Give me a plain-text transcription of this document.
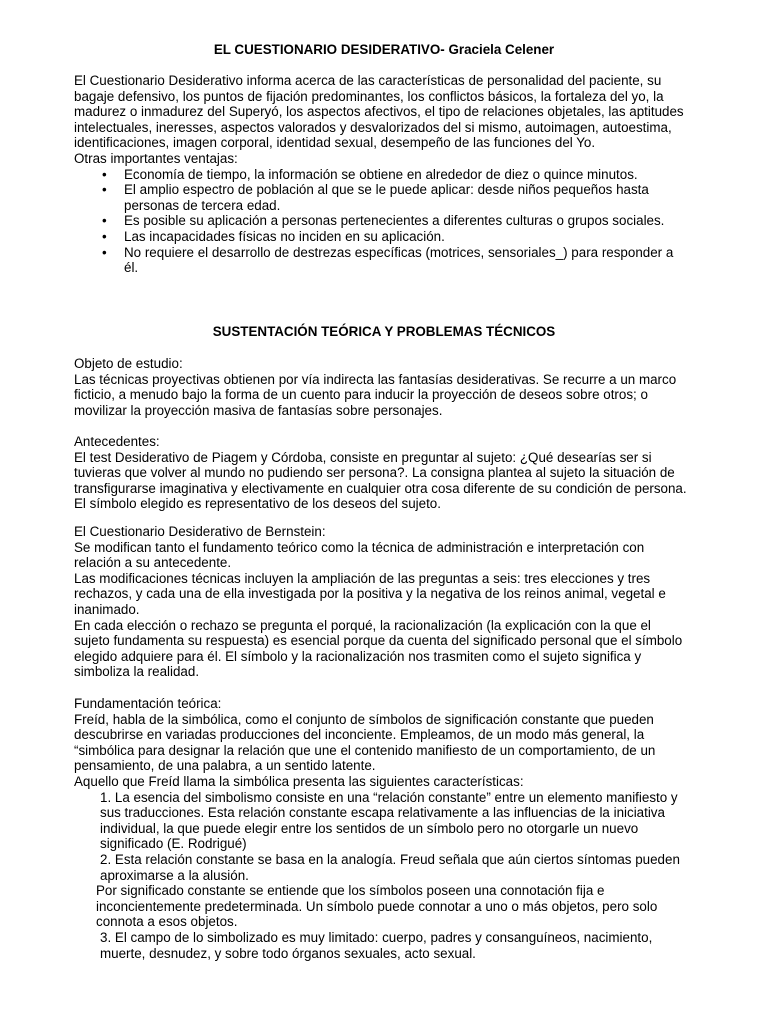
EL CUESTIONARIO DESIDERATIVO- Graciela Celener

El Cuestionario Desiderativo informa acerca de las características de personalidad del paciente, su bagaje defensivo, los puntos de fijación predominantes, los conflictos básicos, la fortaleza del yo, la madurez o inmadurez del Superyó, los aspectos afectivos, el tipo de relaciones objetales, las aptitudes intelectuales, ineresses, aspectos valorados y desvalorizados del si mismo, autoimagen, autoestima, identificaciones, imagen corporal, identidad sexual, desempeño de las funciones del Yo.

Otras importantes ventajas:

• Economía de tiempo, la información se obtiene en alrededor de diez o quince minutos.
• El amplio espectro de población al que se le puede aplicar: desde niños pequeños hasta personas de tercera edad.
• Es posible su aplicación a personas pertenecientes a diferentes culturas o grupos sociales.
• Las incapacidades físicas no inciden en su aplicación.
• No requiere el desarrollo de destrezas específicas (motrices, sensoriales_) para responder a él.
SUSTENTACIÓN TEÓRICA Y PROBLEMAS TÉCNICOS

Objeto de estudio:

Las técnicas proyectivas obtienen por vía indirecta las fantasías desiderativas. Se recurre a un marco ficticio, a menudo bajo la forma de un cuento para inducir la proyección de deseos sobre otros; o movilizar la proyección masiva de fantasías sobre personajes.

Antecedentes:

El test Desiderativo de Piagem y Córdoba, consiste en preguntar al sujeto: ¿Qué desearías ser si tuvieras que volver al mundo no pudiendo ser persona?. La consigna plantea al sujeto la situación de transfigurarse imaginativa y electivamente en cualquier otra cosa diferente de su condición de persona. El símbolo elegido es representativo de los deseos del sujeto.

El Cuestionario Desiderativo de Bernstein:

Se modifican tanto el fundamento teórico como la técnica de administración e interpretación con relación a su antecedente.

Las modificaciones técnicas incluyen la ampliación de las preguntas a seis: tres elecciones y tres rechazos, y cada una de ella investigada por la positiva y la negativa de los reinos animal, vegetal e inanimado.

En cada elección o rechazo se pregunta el porqué, la racionalización (la explicación con la que el sujeto fundamenta su respuesta) es esencial porque da cuenta del significado personal que el símbolo elegido adquiere para él. El símbolo y la racionalización nos trasmiten como el sujeto significa y simboliza la realidad.

Fundamentación teórica:

Freíd, habla de la simbólica, como el conjunto de símbolos de significación constante que pueden descubrirse en variadas producciones del inconciente. Empleamos, de un modo más general, la “simbólica para designar la relación que une el contenido manifiesto de un comportamiento, de un pensamiento, de una palabra, a un sentido latente.

Aquello que Freíd llama la simbólica presenta las siguientes características:

1. La esencia del simbolismo consiste en una “relación constante” entre un elemento manifiesto y sus traducciones. Esta relación constante escapa relativamente a las influencias de la iniciativa individual, la que puede elegir entre los sentidos de un símbolo pero no otorgarle un nuevo significado (E. Rodrigué)

2. Esta relación constante se basa en la analogía. Freud señala que aún ciertos síntomas pueden aproximarse a la alusión.

Por significado constante se entiende que los símbolos poseen una connotación fija e inconcientemente predeterminada. Un símbolo puede connotar a uno o más objetos, pero solo connota a esos objetos.

3. El campo de lo simbolizado es muy limitado: cuerpo, padres y consanguíneos, nacimiento, muerte, desnudez, y sobre todo órganos sexuales, acto sexual.
